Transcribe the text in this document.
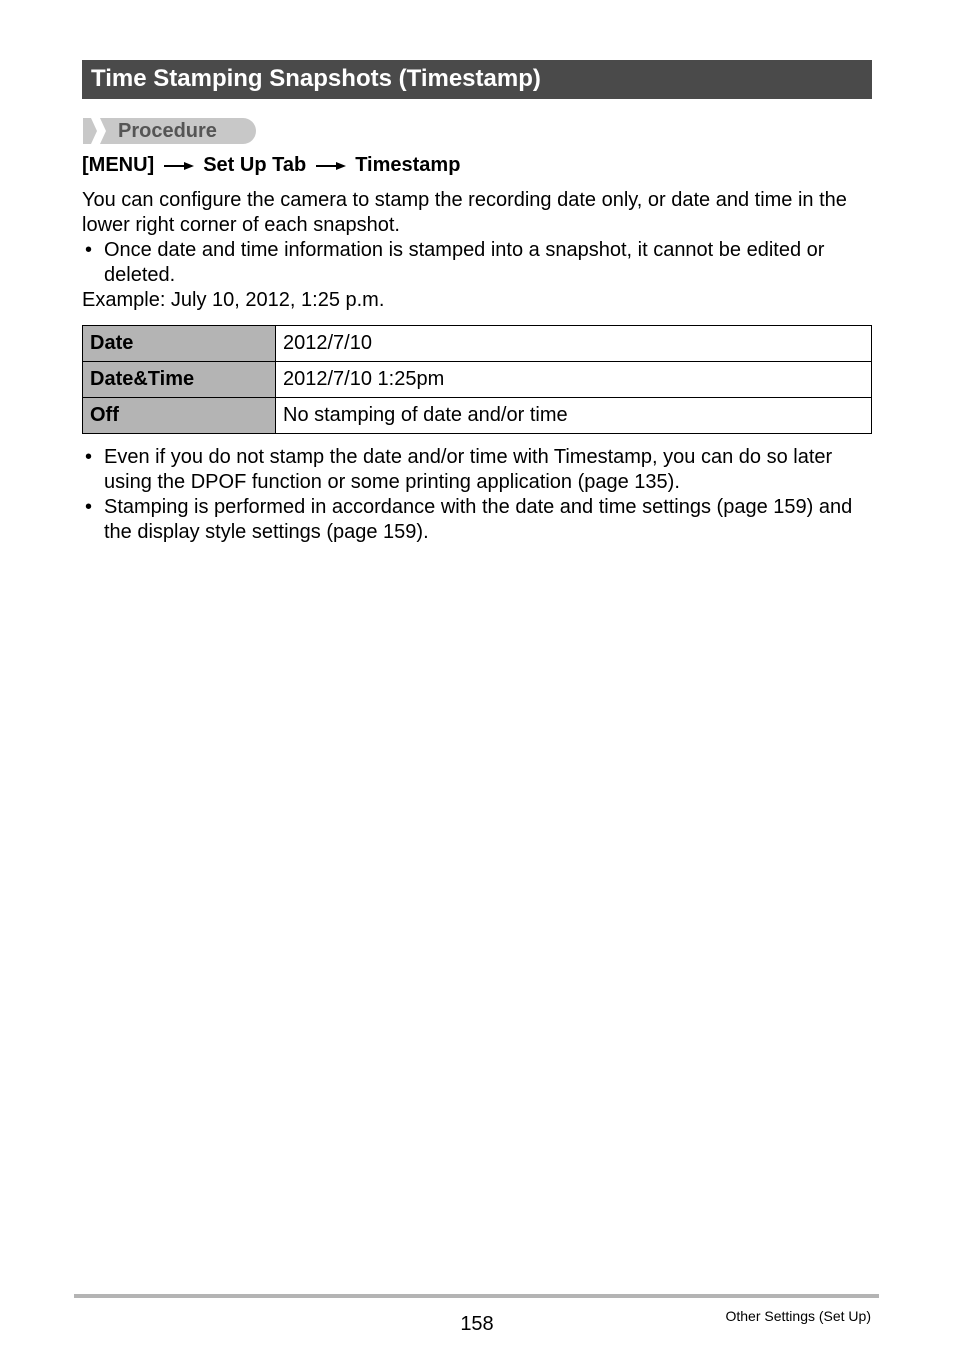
Time Stamping Snapshots (Timestamp)
Procedure
[MENU] Set Up Tab Timestamp
You can configure the camera to stamp the recording date only, or date and time in the lower right corner of each snapshot.
• Once date and time information is stamped into a snapshot, it cannot be edited or deleted.
Example: July 10, 2012, 1:25 p.m.
Date	2012/7/10
Date&Time	2012/7/10 1:25pm
Off	No stamping of date and/or time
• Even if you do not stamp the date and/or time with Timestamp, you can do so later using the DPOF function or some printing application (page 135).
• Stamping is performed in accordance with the date and time settings (page 159) and the display style settings (page 159).
158	Other Settings (Set Up)
